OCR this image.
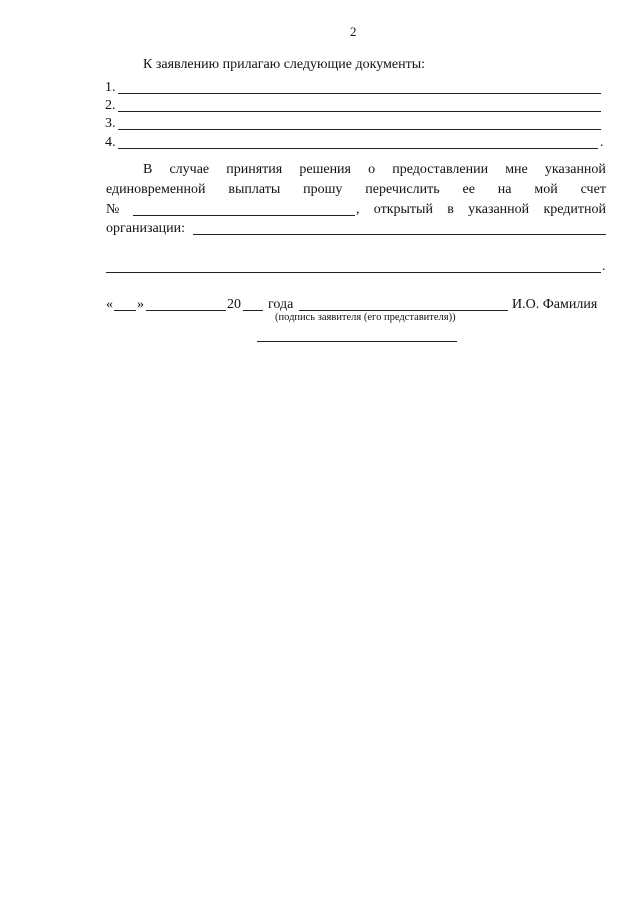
2
К заявлению прилагаю следующие документы:
1.
2.
3.
4.	.
В случае принятия решения о предоставлении мне указанной
единовременной выплаты прошу перечислить ее на мой счет
№	, открытый в указанной кредитной
организации:
.
« »	20 года	И.О. Фамилия
(подпись заявителя (его представителя))
